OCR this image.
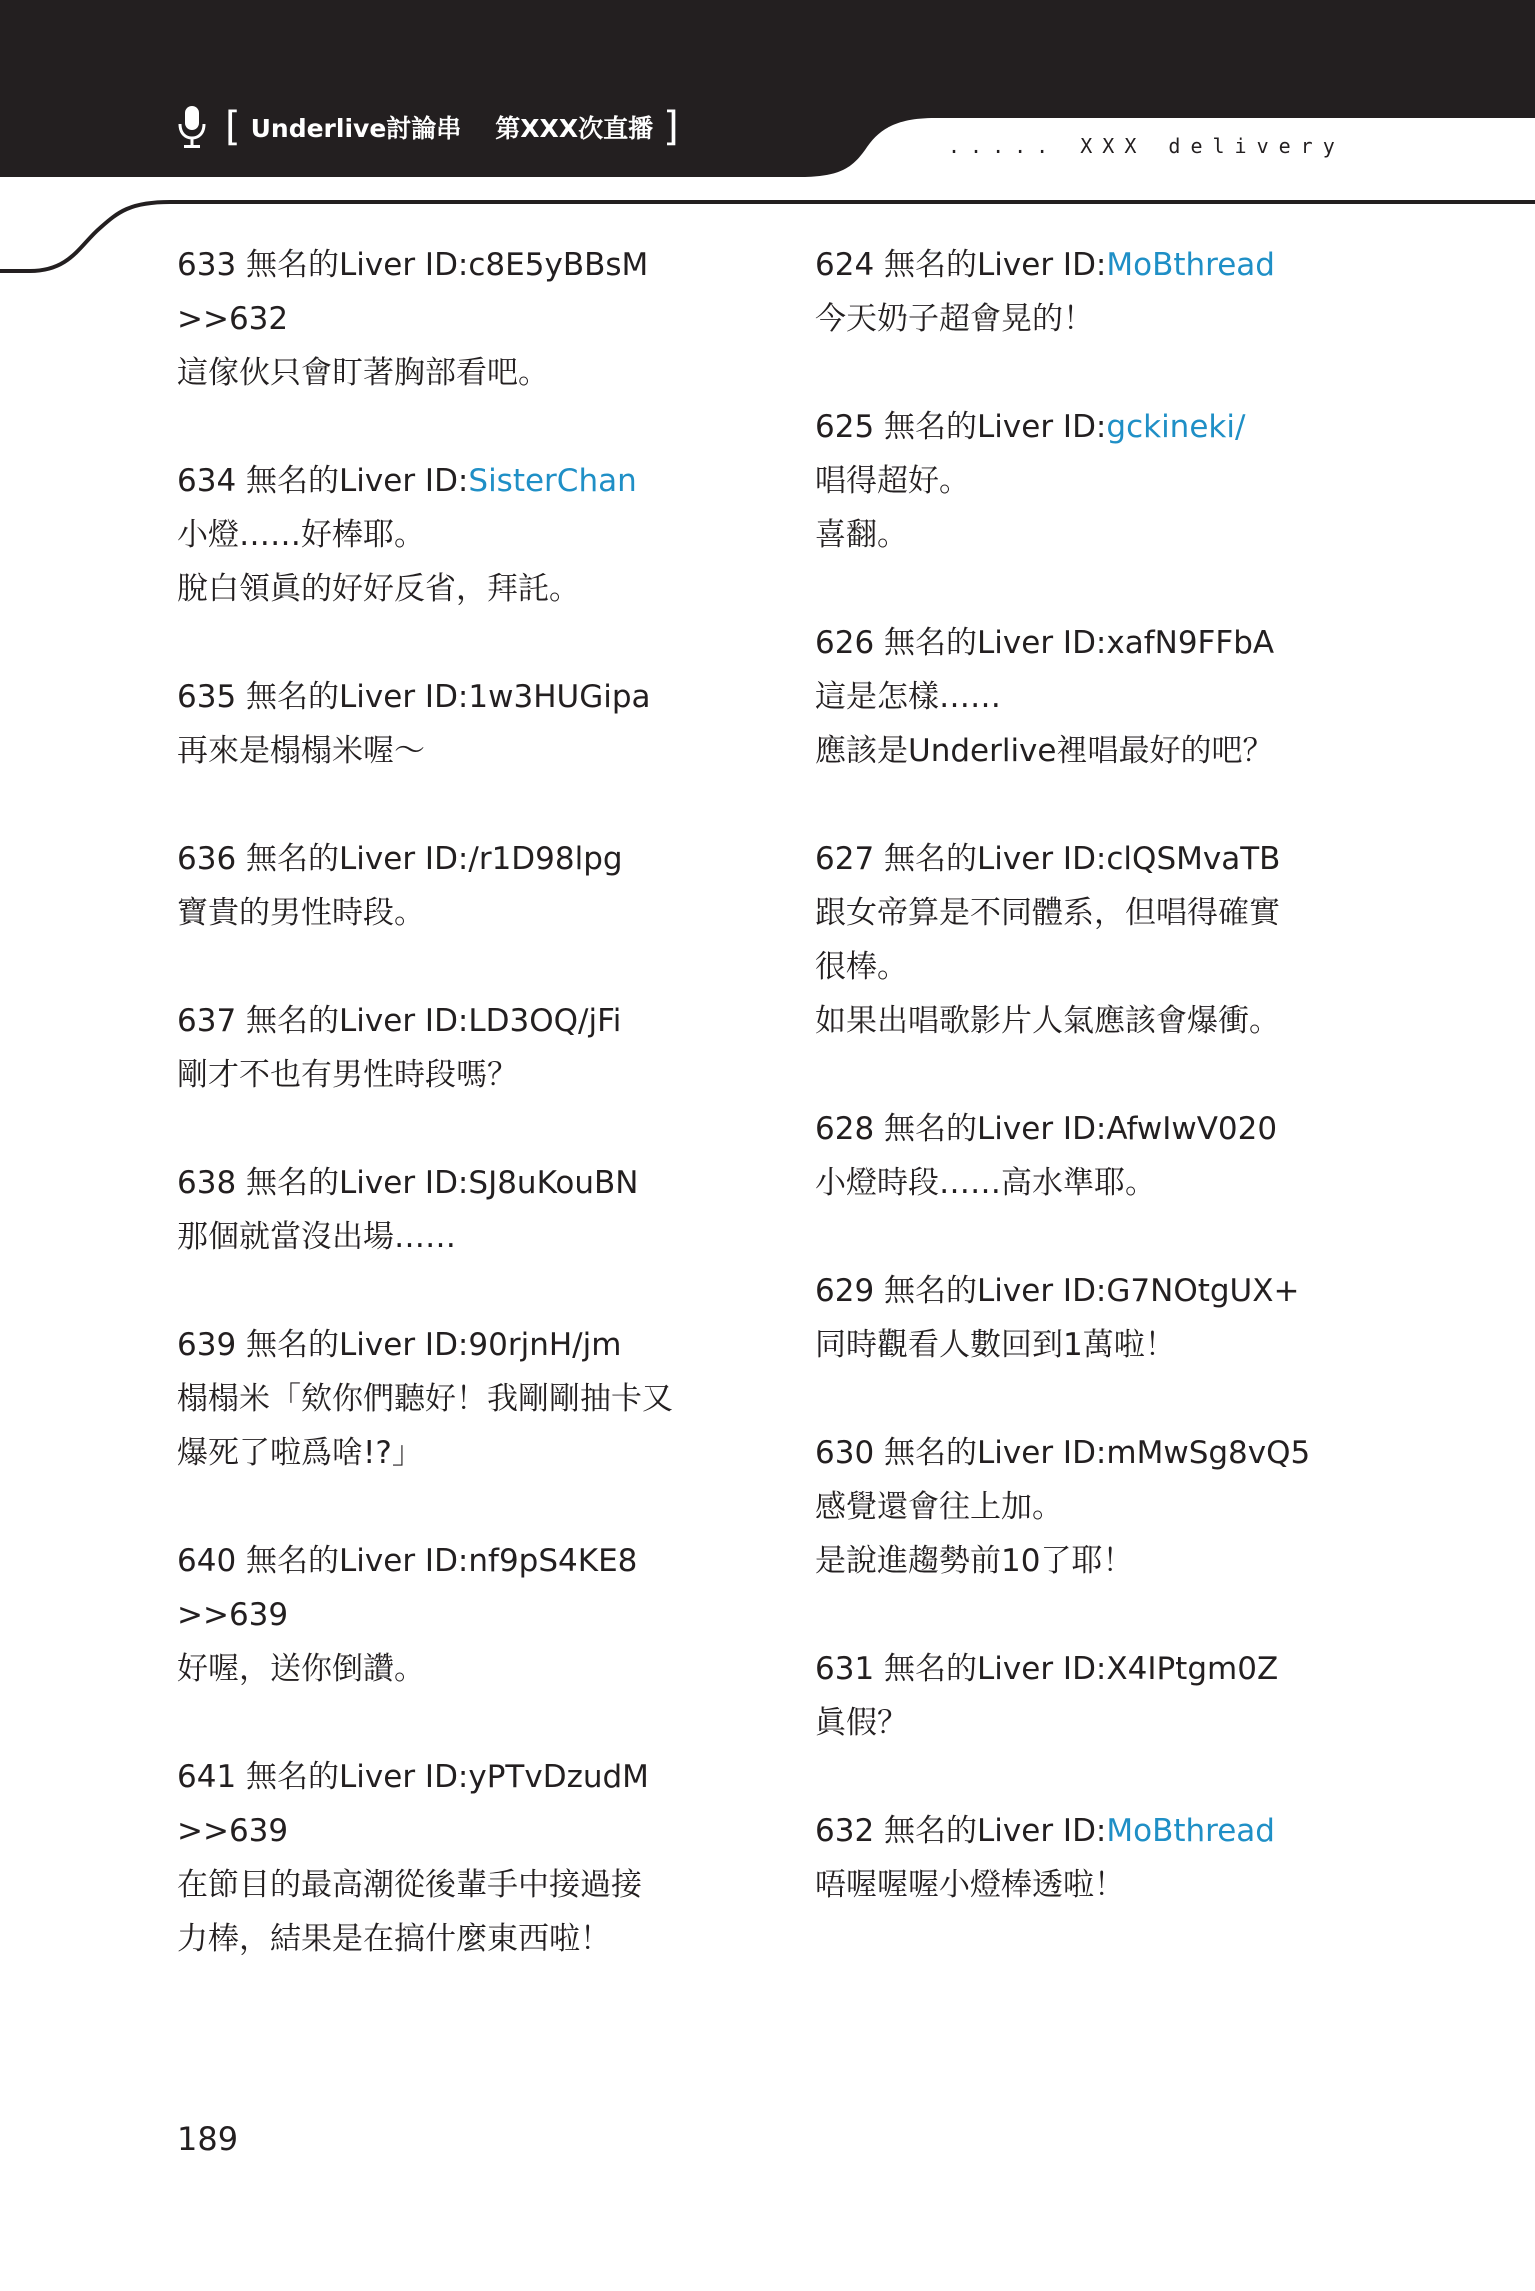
[ Underlive討論串 第XXX次直播 ]	..... XXX delivery
633 無名的Liver ID:c8E5yBBsM
>>632
這傢伙只會盯著胸部看吧。
634 無名的Liver ID:SisterChan
小燈……好棒耶。
脫白領眞的好好反省，拜託。
635 無名的Liver ID:1w3HUGipa
再來是榻榻米喔～
636 無名的Liver ID:/r1D98lpg
寶貴的男性時段。
637 無名的Liver ID:LD3OQ/jFi
剛才不也有男性時段嗎？
638 無名的Liver ID:SJ8uKouBN
那個就當沒出場……
639 無名的Liver ID:90rjnH/jm
榻榻米「欸你們聽好！我剛剛抽卡又
爆死了啦爲啥!?」
640 無名的Liver ID:nf9pS4KE8
>>639
好喔，送你倒讚。
641 無名的Liver ID:yPTvDzudM
>>639
在節目的最高潮從後輩手中接過接
力棒，結果是在搞什麼東西啦！
624 無名的Liver ID:MoBthread
今天奶子超會晃的！
625 無名的Liver ID:gckineki/
唱得超好。
喜翻。
626 無名的Liver ID:xafN9FFbA
這是怎樣……
應該是Underlive裡唱最好的吧？
627 無名的Liver ID:clQSMvaTB
跟女帝算是不同體系，但唱得確實
很棒。
如果出唱歌影片人氣應該會爆衝。
628 無名的Liver ID:AfwIwV020
小燈時段……高水準耶。
629 無名的Liver ID:G7NOtgUX+
同時觀看人數回到1萬啦！
630 無名的Liver ID:mMwSg8vQ5
感覺還會往上加。
是說進趨勢前10了耶！
631 無名的Liver ID:X4IPtgm0Z
眞假？
632 無名的Liver ID:MoBthread
唔喔喔喔小燈棒透啦！
189
